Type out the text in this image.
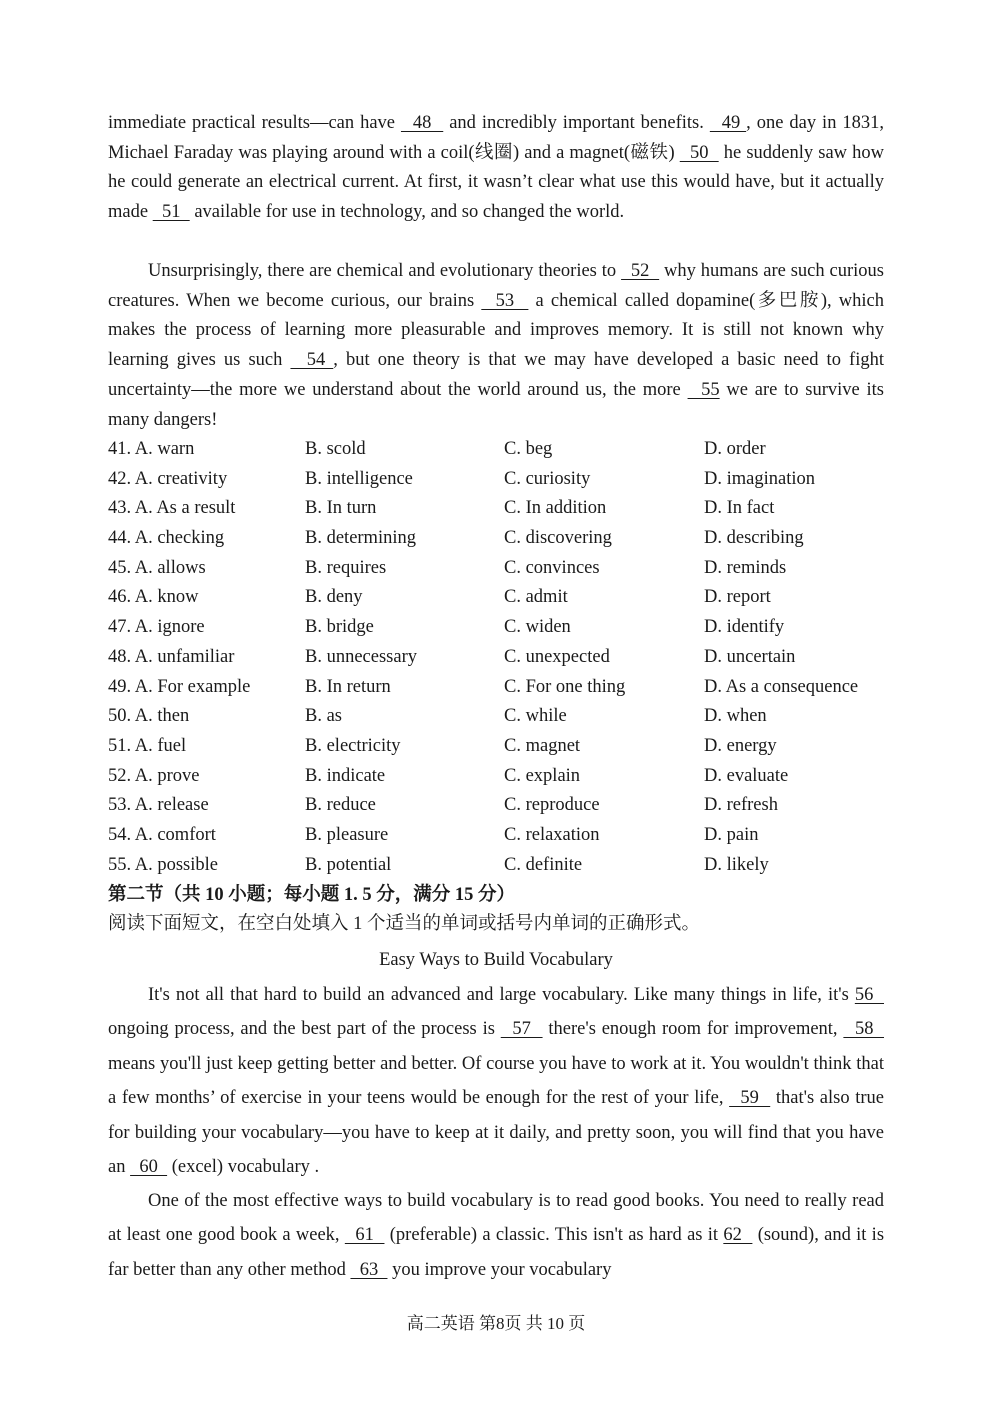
immediate practical results—can have   48   and incredibly important benefits.   49 , one day in 1831, Michael Faraday was playing around with a coil(线圈) and a magnet(磁铁)   50   he suddenly saw how he could generate an electrical current. At first, it wasn’t clear what use this would have, but it actually made   51   available for use in technology, and so changed the world.

Unsurprisingly, there are chemical and evolutionary theories to   52   why humans are such curious creatures. When we become curious, our brains   53   a chemical called dopamine(多巴胺), which makes the process of learning more pleasurable and improves memory. It is still not known why learning gives us such   54 , but one theory is that we may have developed a basic need to fight uncertainty—the more we understand about the world around us, the more   55 we are to survive its many dangers!

41. A. warn	B. scold	C. beg	D. order
42. A. creativity	B. intelligence	C. curiosity	D. imagination
43. A. As a result	B. In turn	C. In addition	D. In fact
44. A. checking	B. determining	C. discovering	D. describing
45. A. allows	B. requires	C. convinces	D. reminds
46. A. know	B. deny	C. admit	D. report
47. A. ignore	B. bridge	C. widen	D. identify
48. A. unfamiliar	B. unnecessary	C. unexpected	D. uncertain
49. A. For example	B. In return	C. For one thing	D. As a consequence
50. A. then	B. as	C. while	D. when
51. A. fuel	B. electricity	C. magnet	D. energy
52. A. prove	B. indicate	C. explain	D. evaluate
53. A. release	B. reduce	C. reproduce	D. refresh
54. A. comfort	B. pleasure	C. relaxation	D. pain
55. A. possible	B. potential	C. definite	D. likely
第二节（共 10 小题；每小题 1. 5 分，满分 15 分）
阅读下面短文，在空白处填入 1 个适当的单词或括号内单词的正确形式。
Easy Ways to Build Vocabulary

It's not all that hard to build an advanced and large vocabulary. Like many things in life, it's 56   ongoing process, and the best part of the process is   57   there's enough room for improvement,   58   means you'll just keep getting better and better. Of course you have to work at it. You wouldn't think that a few months’ of exercise in your teens would be enough for the rest of your life,   59   that's also true for building your vocabulary—you have to keep at it daily, and pretty soon, you will find that you have an   60   (excel) vocabulary .

One of the most effective ways to build vocabulary is to read good books. You need to really read at least one good book a week,   61   (preferable) a classic. This isn't as hard as it 62   (sound), and it is far better than any other method   63   you improve your vocabulary

高二英语 第8页 共 10 页
